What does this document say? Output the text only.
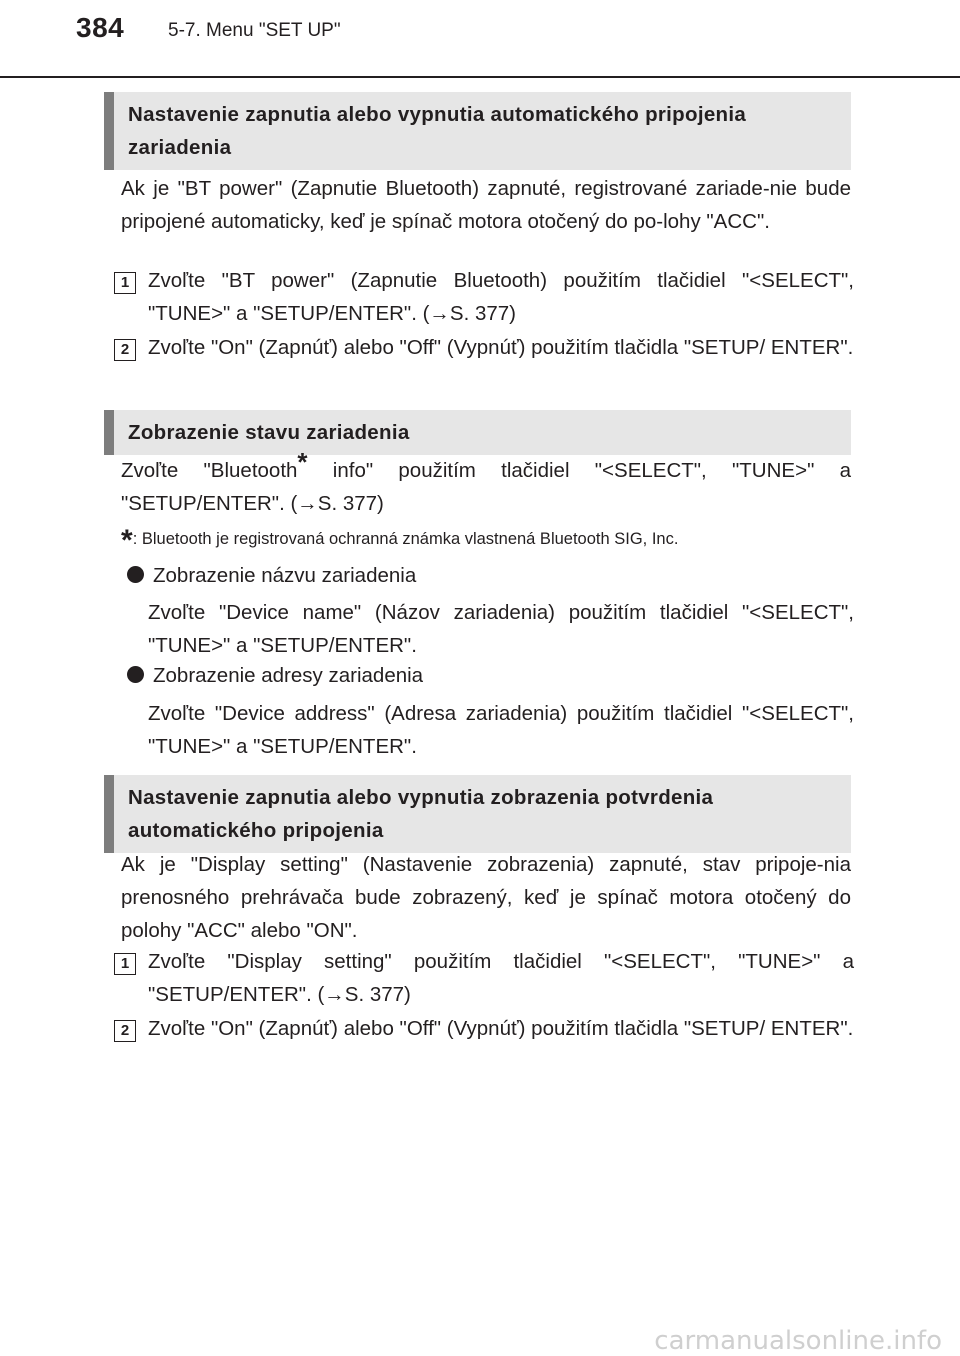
384 5-7. Menu "SET UP"
Nastavenie zapnutia alebo vypnutia automatického pripojenia zariadenia
Ak je "BT power" (Zapnutie Bluetooth) zapnuté, registrované zariade-nie bude pripojené automaticky, keď je spínač motora otočený do po-lohy "ACC".
1 Zvoľte "BT power" (Zapnutie Bluetooth) použitím tlačidiel "<SELECT", "TUNE>" a "SETUP/ENTER". (→S. 377)
2 Zvoľte "On" (Zapnúť) alebo "Off" (Vypnúť) použitím tlačidla "SETUP/ ENTER".
Zobrazenie stavu zariadenia
Zvoľte "Bluetooth* info" použitím tlačidiel "<SELECT", "TUNE>" a "SETUP/ENTER". (→S. 377)
*: Bluetooth je registrovaná ochranná známka vlastnená Bluetooth SIG, Inc.
Zobrazenie názvu zariadenia
Zvoľte "Device name" (Názov zariadenia) použitím tlačidiel "<SELECT", "TUNE>" a "SETUP/ENTER".
Zobrazenie adresy zariadenia
Zvoľte "Device address" (Adresa zariadenia) použitím tlačidiel "<SELECT", "TUNE>" a "SETUP/ENTER".
Nastavenie zapnutia alebo vypnutia zobrazenia potvrdenia automatického pripojenia
Ak je "Display setting" (Nastavenie zobrazenia) zapnuté, stav pripoje-nia prenosného prehrávača bude zobrazený, keď je spínač motora otočený do polohy "ACC" alebo "ON".
1 Zvoľte "Display setting" použitím tlačidiel "<SELECT", "TUNE>" a "SETUP/ENTER". (→S. 377)
2 Zvoľte "On" (Zapnúť) alebo "Off" (Vypnúť) použitím tlačidla "SETUP/ ENTER".
carmanualsonline.info
